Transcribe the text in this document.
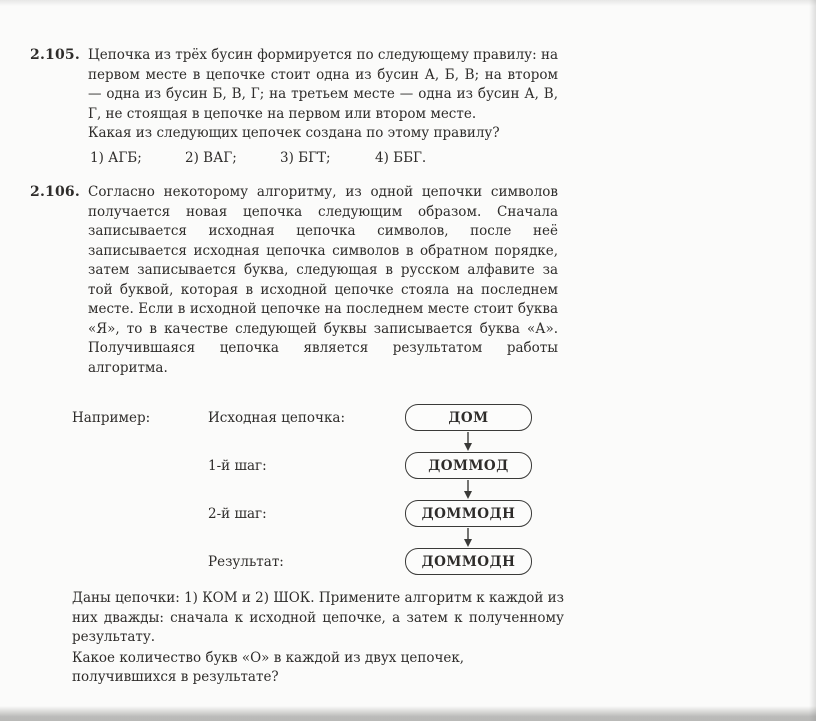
2.105. Цепочка из трёх бусин формируется по следующему правилу: на первом месте в цепочке стоит одна из бусин А, Б, В; на втором — одна из бусин Б, В, Г; на третьем месте — одна из бусин А, В, Г, не стоящая в цепочке на первом или втором месте.
Какая из следующих цепочек создана по этому правилу?
1) АГБ;	2) ВАГ;	3) БГТ;	4) ББГ.
2.106. Согласно некоторому алгоритму, из одной цепочки символов получается новая цепочка следующим образом. Сначала записывается исходная цепочка символов, после неё записывается исходная цепочка символов в обратном порядке, затем записывается буква, следующая в русском алфавите за той буквой, которая в исходной цепочке стояла на последнем месте. Если в исходной цепочке на последнем месте стоит буква «Я», то в качестве следующей буквы записывается буква «А». Получившаяся цепочка является результатом работы алгоритма.
Например:	Исходная цепочка:	ДОМ
1-й шаг:	ДОММОД
2-й шаг:	ДОММОДН
Результат:	ДОММОДН
Даны цепочки: 1) КОМ и 2) ШОК. Примените алгоритм к каждой из них дважды: сначала к исходной цепочке, а затем к полученному результату.
Какое количество букв «О» в каждой из двух цепочек, получившихся в результате?
